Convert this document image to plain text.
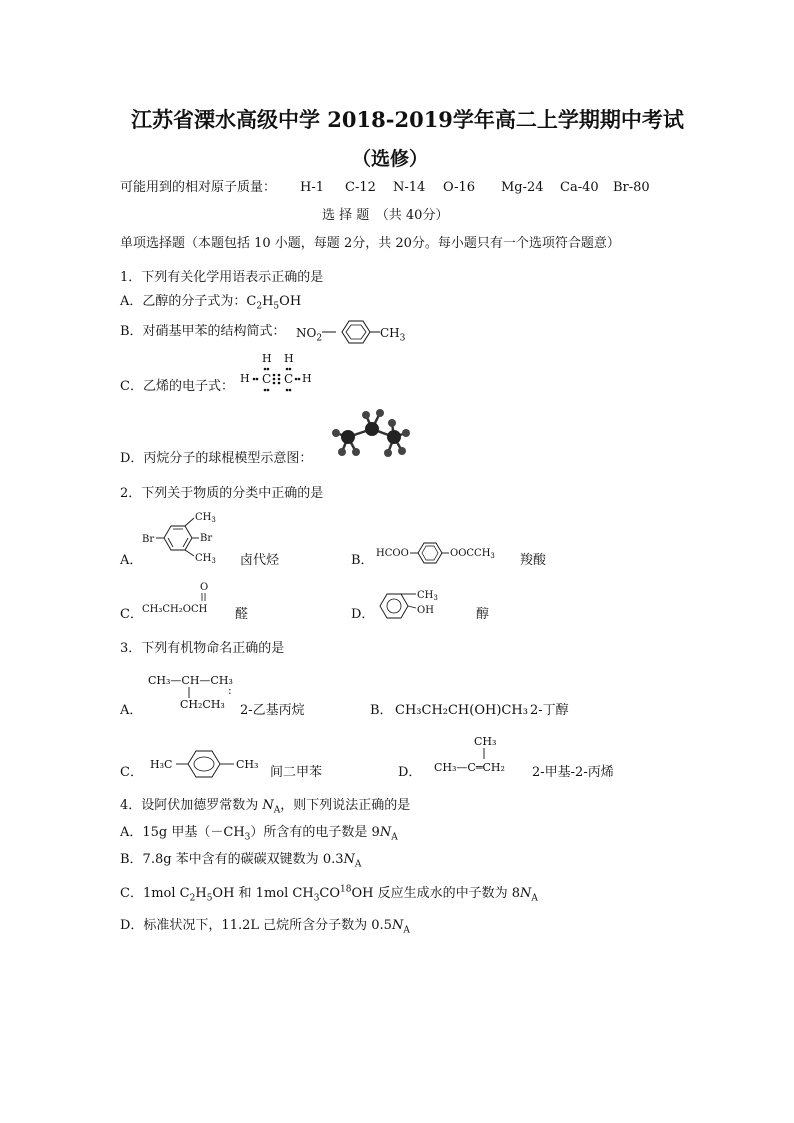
江苏省溧水高级中学 2018-2019学年高二上学期期中考试
（选修）
可能用到的相对原子质量： H-1 C-12 N-14 O-16 Mg-24 Ca-40 Br-80
选 择 题　（共 40分）
单项选择题（本题包括 10 小题，每题 2分，共 20分。每小题只有一个选项符合题意）
1．下列有关化学用语表示正确的是
A．乙醇的分子式为：$C_2H_5OH$
B．对硝基甲苯的结构简式： $NO_2$	$CH_3$
H H
H C C H
C．乙烯的电子式：
D．丙烷分子的球棍模型示意图：
2．下列关于物质的分类中正确的是
A．
Br
$CH_3$
Br
$CH_3$ 卤代烃	B． HCOO	$OOCCH_3$ 羧酸
C．
O
CH₃CH₂OCH 醛	D．
$CH_3$
OH	醇
3．下列有机物命名正确的是
A．
CH₃—CH—CH₃
CH₂CH₃
:
2-乙基丙烷	B． CH₃CH₂CH(OH)CH₃ 2-丁醇
C．
H₃C	CH₃
间二甲苯	D．
CH₃
CH₃—C═CH₂ 2-甲基-2-丙烯
4．设阿伏加德罗常数为 $N_A$，则下列说法正确的是
A．15g 甲基$(-CH_3)$所含有的电子数是 $9N_A$
B．7.8g 苯中含有的碳碳双键数为 $0.3N_A$
C．1mol $C_2H_5OH$ 和 1mol $CH_3CO^{18}OH$ 反应生成水的中子数为 $8N_A$
D．标准状况下，11.2L 己烷所含分子数为 $0.5N_A$
